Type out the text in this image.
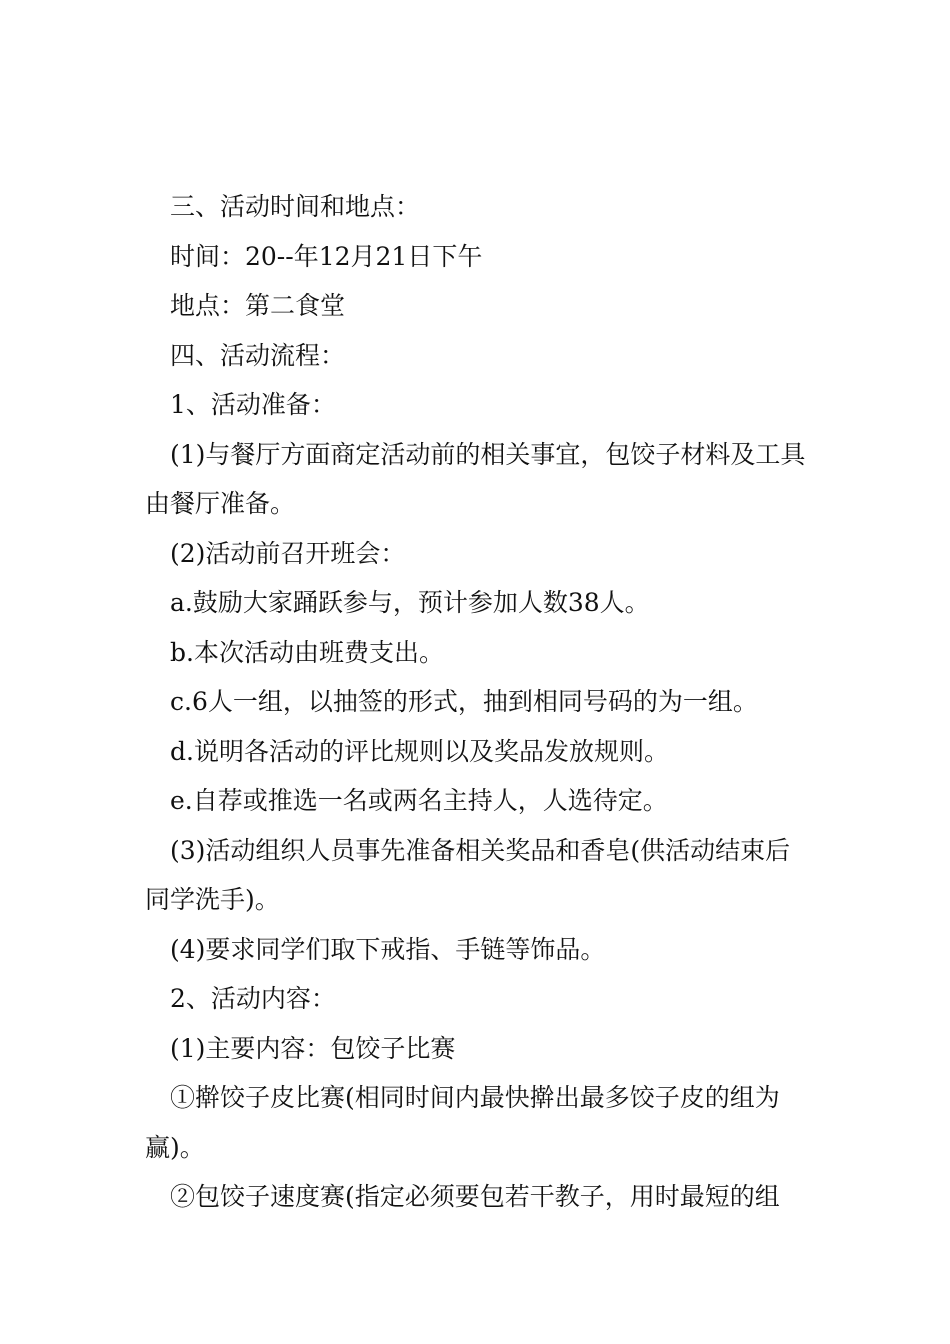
三、活动时间和地点：

时间：20--年12月21日下午

地点：第二食堂

四、活动流程：

1、活动准备：

(1)与餐厅方面商定活动前的相关事宜，包饺子材料及工具由餐厅准备。

(2)活动前召开班会：

a.鼓励大家踊跃参与，预计参加人数38人。

b.本次活动由班费支出。

c.6人一组，以抽签的形式，抽到相同号码的为一组。

d.说明各活动的评比规则以及奖品发放规则。

e.自荐或推选一名或两名主持人，人选待定。

(3)活动组织人员事先准备相关奖品和香皂(供活动结束后同学洗手)。

(4)要求同学们取下戒指、手链等饰品。

2、活动内容：

(1)主要内容：包饺子比赛

①擀饺子皮比赛(相同时间内最快擀出最多饺子皮的组为赢)。

②包饺子速度赛(指定必须要包若干教子，用时最短的组
